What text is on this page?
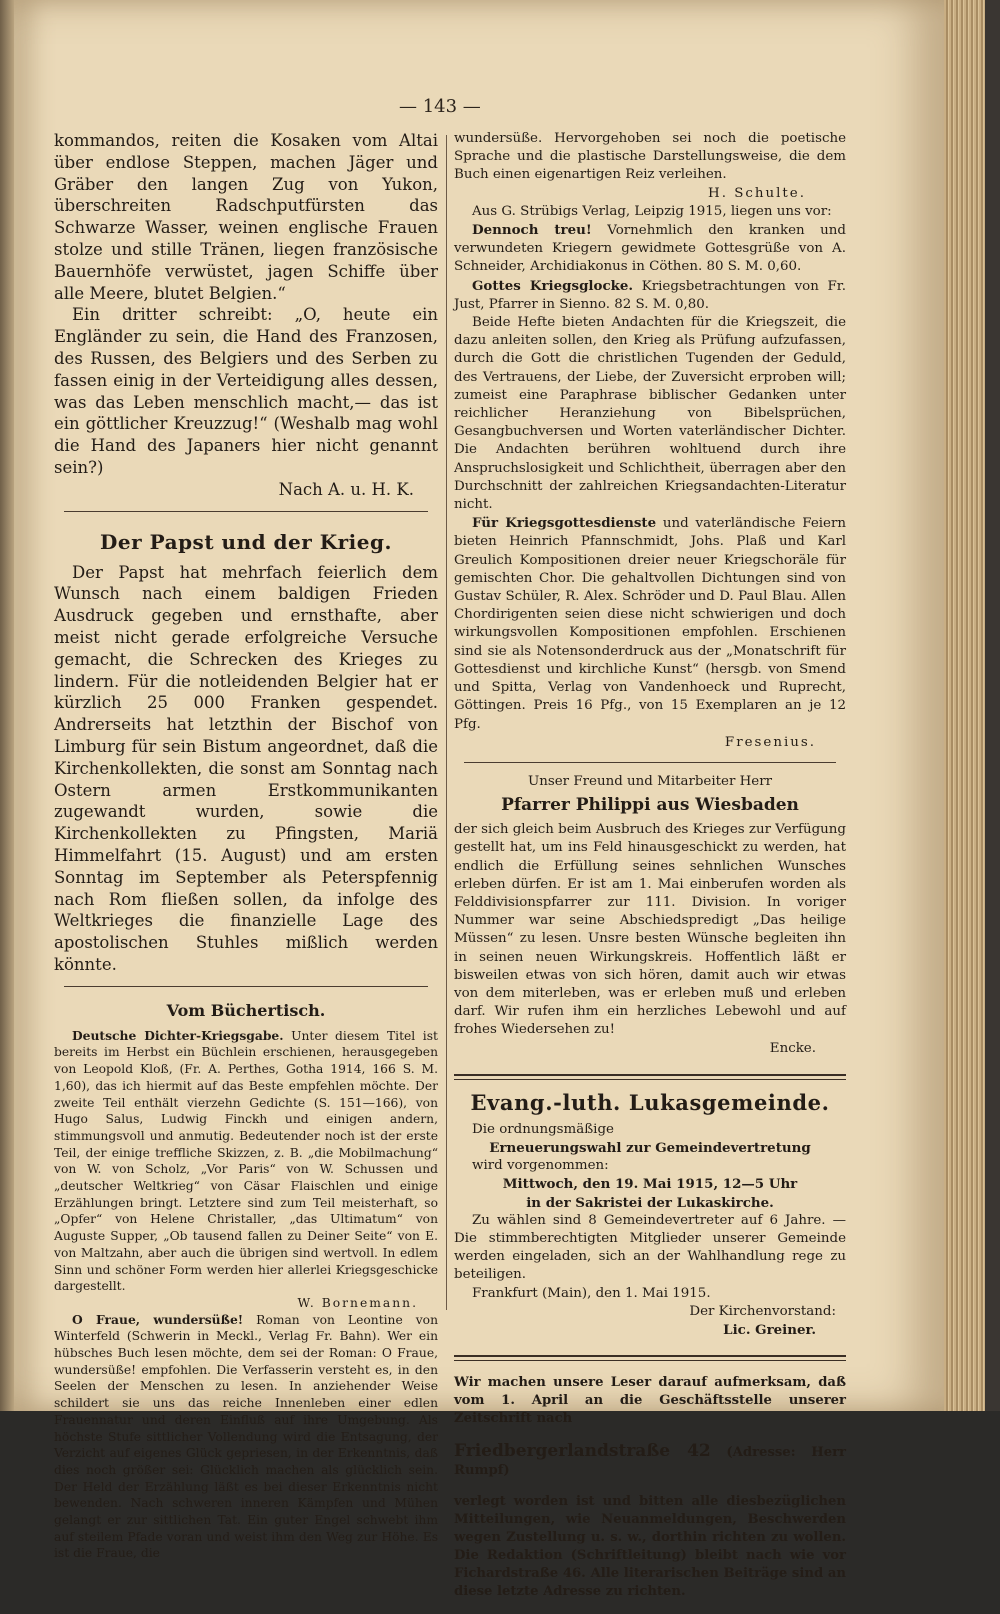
— 143 —

kommandos, reiten die Kosaken vom Altai über endlose Steppen, machen Jäger und Gräber den langen Zug von Yukon, überschreiten Radschputfürsten das Schwarze Wasser, weinen englische Frauen stolze und stille Tränen, liegen französische Bauernhöfe verwüstet, jagen Schiffe über alle Meere, blutet Belgien.“

Ein dritter schreibt: „O, heute ein Engländer zu sein, die Hand des Franzosen, des Russen, des Belgiers und des Serben zu fassen einig in der Verteidigung alles dessen, was das Leben menschlich macht,— das ist ein göttlicher Kreuzzug!“ (Weshalb mag wohl die Hand des Japaners hier nicht genannt sein?)

Nach A. u. H. K.

Der Papst und der Krieg.

Der Papst hat mehrfach feierlich dem Wunsch nach einem baldigen Frieden Ausdruck gegeben und ernsthafte, aber meist nicht gerade erfolgreiche Versuche gemacht, die Schrecken des Krieges zu lindern. Für die notleidenden Belgier hat er kürzlich 25 000 Franken gespendet. Andrerseits hat letzthin der Bischof von Limburg für sein Bistum angeordnet, daß die Kirchenkollekten, die sonst am Sonntag nach Ostern armen Erstkommunikanten zugewandt wurden, sowie die Kirchenkollekten zu Pfingsten, Mariä Himmelfahrt (15. August) und am ersten Sonntag im September als Peterspfennig nach Rom fließen sollen, da infolge des Weltkrieges die finanzielle Lage des apostolischen Stuhles mißlich werden könnte.

Vom Büchertisch.

Deutsche Dichter-Kriegsgabe. Unter diesem Titel ist bereits im Herbst ein Büchlein erschienen, herausgegeben von Leopold Kloß, (Fr. A. Perthes, Gotha 1914, 166 S. M. 1,60), das ich hiermit auf das Beste empfehlen möchte. Der zweite Teil enthält vierzehn Gedichte (S. 151—166), von Hugo Salus, Ludwig Finckh und einigen andern, stimmungsvoll und anmutig. Bedeutender noch ist der erste Teil, der einige treffliche Skizzen, z. B. „die Mobilmachung“ von W. von Scholz, „Vor Paris“ von W. Schussen und „deutscher Weltkrieg“ von Cäsar Flaischlen und einige Erzählungen bringt. Letztere sind zum Teil meisterhaft, so „Opfer“ von Helene Christaller, „das Ultimatum“ von Auguste Supper, „Ob tausend fallen zu Deiner Seite“ von E. von Maltzahn, aber auch die übrigen sind wertvoll. In edlem Sinn und schöner Form werden hier allerlei Kriegsgeschicke dargestellt.

W. Bornemann.

O Fraue, wundersüße! Roman von Leontine von Winterfeld (Schwerin in Meckl., Verlag Fr. Bahn). Wer ein hübsches Buch lesen möchte, dem sei der Roman: O Fraue, wundersüße! empfohlen. Die Verfasserin versteht es, in den Seelen der Menschen zu lesen. In anziehender Weise schildert sie uns das reiche Innenleben einer edlen Frauennatur und deren Einfluß auf ihre Umgebung. Als höchste Stufe sittlicher Vollendung wird die Entsagung, der Verzicht auf eigenes Glück gepriesen, in der Erkenntnis, daß dies noch größer sei: Glücklich machen als glücklich sein. Der Held der Erzählung läßt es bei dieser Erkenntnis nicht bewenden. Nach schweren inneren Kämpfen und Mühen gelangt er zur sittlichen Tat. Ein guter Engel schwebt ihm auf steilem Pfade voran und weist ihm den Weg zur Höhe. Es ist die Fraue, die

wundersüße. Hervorgehoben sei noch die poetische Sprache und die plastische Darstellungsweise, die dem Buch einen eigenartigen Reiz verleihen.

H. Schulte.

Aus G. Strübigs Verlag, Leipzig 1915, liegen uns vor:

Dennoch treu! Vornehmlich den kranken und verwundeten Kriegern gewidmete Gottesgrüße von A. Schneider, Archidiakonus in Cöthen. 80 S. M. 0,60.

Gottes Kriegsglocke. Kriegsbetrachtungen von Fr. Just, Pfarrer in Sienno. 82 S. M. 0,80.

Beide Hefte bieten Andachten für die Kriegszeit, die dazu anleiten sollen, den Krieg als Prüfung aufzufassen, durch die Gott die christlichen Tugenden der Geduld, des Vertrauens, der Liebe, der Zuversicht erproben will; zumeist eine Paraphrase biblischer Gedanken unter reichlicher Heranziehung von Bibelsprüchen, Gesangbuchversen und Worten vaterländischer Dichter. Die Andachten berühren wohltuend durch ihre Anspruchslosigkeit und Schlichtheit, überragen aber den Durchschnitt der zahlreichen Kriegsandachten-Literatur nicht.

Für Kriegsgottesdienste und vaterländische Feiern bieten Heinrich Pfannschmidt, Johs. Plaß und Karl Greulich Kompositionen dreier neuer Kriegschoräle für gemischten Chor. Die gehaltvollen Dichtungen sind von Gustav Schüler, R. Alex. Schröder und D. Paul Blau. Allen Chordirigenten seien diese nicht schwierigen und doch wirkungsvollen Kompositionen empfohlen. Erschienen sind sie als Notensonderdruck aus der „Monatschrift für Gottesdienst und kirchliche Kunst“ (hersgb. von Smend und Spitta, Verlag von Vandenhoeck und Ruprecht, Göttingen. Preis 16 Pfg., von 15 Exemplaren an je 12 Pfg.

Fresenius.

Unser Freund und Mitarbeiter Herr

Pfarrer Philippi aus Wiesbaden

der sich gleich beim Ausbruch des Krieges zur Verfügung gestellt hat, um ins Feld hinausgeschickt zu werden, hat endlich die Erfüllung seines sehnlichen Wunsches erleben dürfen. Er ist am 1. Mai einberufen worden als Felddivisionspfarrer zur 111. Division. In voriger Nummer war seine Abschiedspredigt „Das heilige Müssen“ zu lesen. Unsre besten Wünsche begleiten ihn in seinen neuen Wirkungskreis. Hoffentlich läßt er bisweilen etwas von sich hören, damit auch wir etwas von dem miterleben, was er erleben muß und erleben darf. Wir rufen ihm ein herzliches Lebewohl und auf frohes Wiedersehen zu!

Encke.

Evang.-luth. Lukasgemeinde.

Die ordnungsmäßige

Erneuerungswahl zur Gemeindevertretung

wird vorgenommen:

Mittwoch, den 19. Mai 1915, 12—5 Uhr
in der Sakristei der Lukaskirche.

Zu wählen sind 8 Gemeindevertreter auf 6 Jahre. — Die stimmberechtigten Mitglieder unserer Gemeinde werden eingeladen, sich an der Wahlhandlung rege zu beteiligen.

Frankfurt (Main), den 1. Mai 1915.

Der Kirchenvorstand:

Lic. Greiner.

Wir machen unsere Leser darauf aufmerksam, daß vom 1. April an die Geschäftsstelle unserer Zeitschrift nach

Friedbergerlandstraße 42 (Adresse: Herr Rumpf)

verlegt worden ist und bitten alle diesbezüglichen Mitteilungen, wie Neuanmeldungen, Beschwerden wegen Zustellung u. s. w., dorthin richten zu wollen. Die Redaktion (Schriftleitung) bleibt nach wie vor Fichardstraße 46. Alle literarischen Beiträge sind an diese letzte Adresse zu richten.
